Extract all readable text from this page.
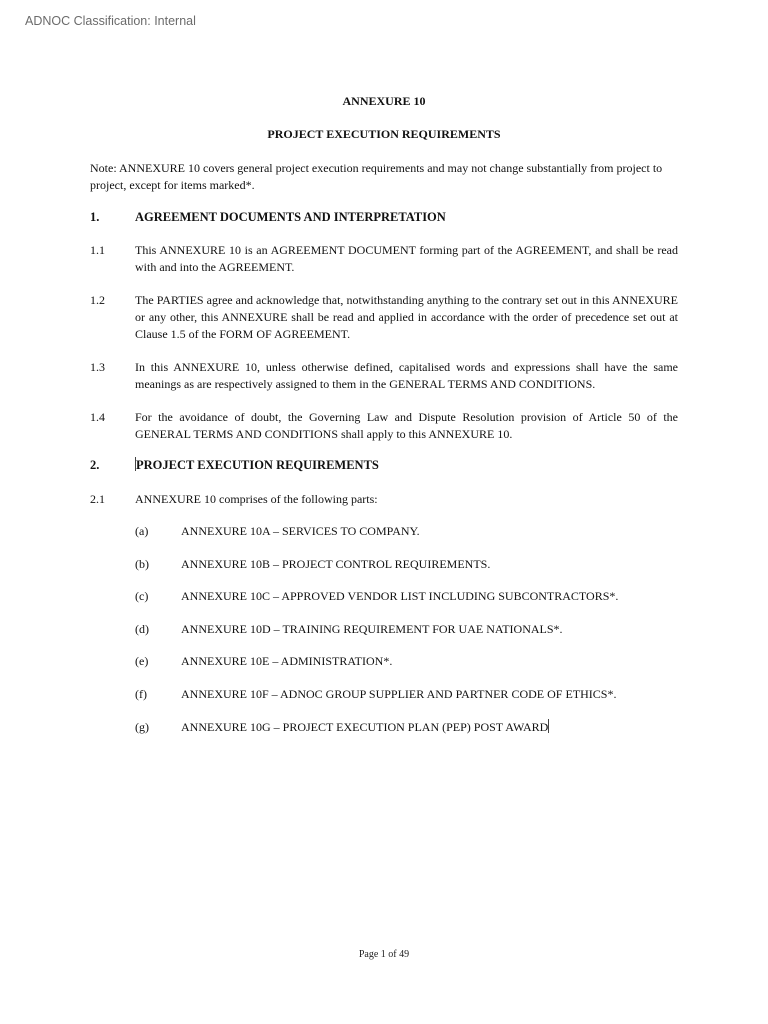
ADNOC Classification: Internal
ANNEXURE 10
PROJECT EXECUTION REQUIREMENTS
Note: ANNEXURE 10 covers general project execution requirements and may not change substantially from project to project, except for items marked*.
1.	AGREEMENT DOCUMENTS AND INTERPRETATION
1.1	This ANNEXURE 10 is an AGREEMENT DOCUMENT forming part of the AGREEMENT, and shall be read with and into the AGREEMENT.
1.2	The PARTIES agree and acknowledge that, notwithstanding anything to the contrary set out in this ANNEXURE or any other, this ANNEXURE shall be read and applied in accordance with the order of precedence set out at Clause 1.5 of the FORM OF AGREEMENT.
1.3	In this ANNEXURE 10, unless otherwise defined, capitalised words and expressions shall have the same meanings as are respectively assigned to them in the GENERAL TERMS AND CONDITIONS.
1.4	For the avoidance of doubt, the Governing Law and Dispute Resolution provision of Article 50 of the GENERAL TERMS AND CONDITIONS shall apply to this ANNEXURE 10.
2.	PROJECT EXECUTION REQUIREMENTS
2.1	ANNEXURE 10 comprises of the following parts:
(a)	ANNEXURE 10A – SERVICES TO COMPANY.
(b)	ANNEXURE 10B – PROJECT CONTROL REQUIREMENTS.
(c)	ANNEXURE 10C – APPROVED VENDOR LIST INCLUDING SUBCONTRACTORS*.
(d)	ANNEXURE 10D – TRAINING REQUIREMENT FOR UAE NATIONALS*.
(e)	ANNEXURE 10E – ADMINISTRATION*.
(f)	ANNEXURE 10F – ADNOC GROUP SUPPLIER AND PARTNER CODE OF ETHICS*.
(g)	ANNEXURE 10G – PROJECT EXECUTION PLAN (PEP) POST AWARD
Page 1 of 49
